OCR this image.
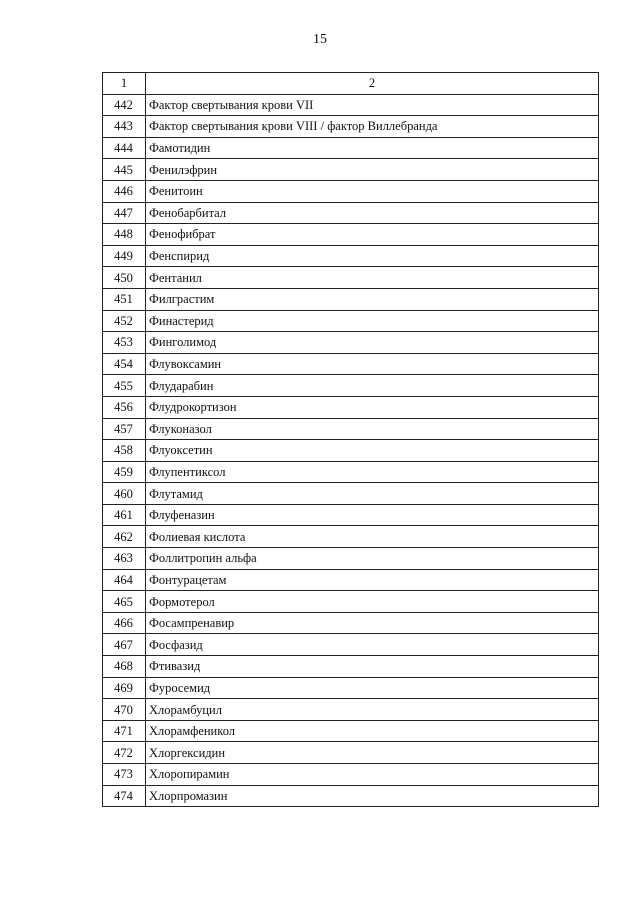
15
1	2
442	Фактор свертывания крови VII
443	Фактор свертывания крови VIII / фактор Виллебранда
444	Фамотидин
445	Фенилэфрин
446	Фенитоин
447	Фенобарбитал
448	Фенофибрат
449	Фенспирид
450	Фентанил
451	Филграстим
452	Финастерид
453	Финголимод
454	Флувоксамин
455	Флударабин
456	Флудрокортизон
457	Флуконазол
458	Флуоксетин
459	Флупентиксол
460	Флутамид
461	Флуфеназин
462	Фолиевая кислота
463	Фоллитропин альфа
464	Фонтурацетам
465	Формотерол
466	Фосампренавир
467	Фосфазид
468	Фтивазид
469	Фуросемид
470	Хлорамбуцил
471	Хлорамфеникол
472	Хлоргексидин
473	Хлоропирамин
474	Хлорпромазин
